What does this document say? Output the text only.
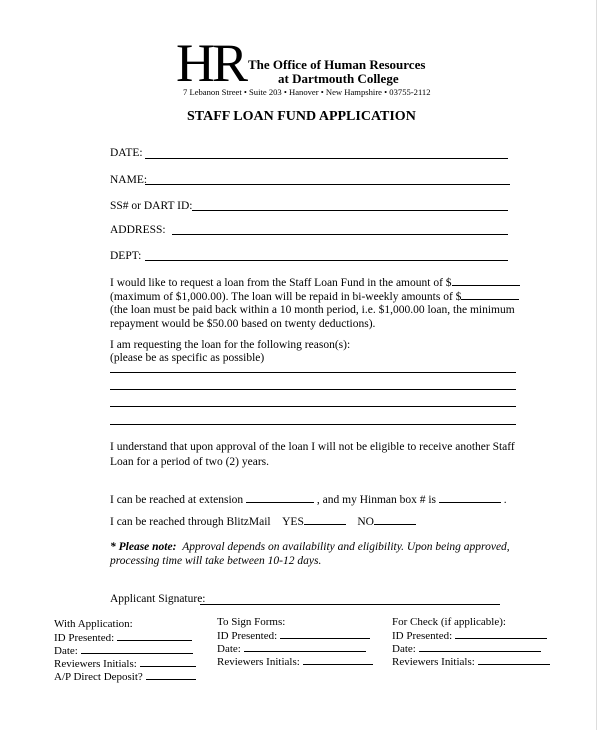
HR The Office of Human Resources
at Dartmouth College
7 Lebanon Street • Suite 203 • Hanover • New Hampshire • 03755-2112
STAFF LOAN FUND APPLICATION
DATE:
NAME:
SS# or DART ID:
ADDRESS:
DEPT:
I would like to request a loan from the Staff Loan Fund in the amount of $
(maximum of $1,000.00). The loan will be repaid in bi-weekly amounts of $
(the loan must be paid back within a 10 month period, i.e. $1,000.00 loan, the minimum
repayment would be $50.00 based on twenty deductions).
I am requesting the loan for the following reason(s):
(please be as specific as possible)
I understand that upon approval of the loan I will not be eligible to receive another Staff
Loan for a period of two (2) years.
I can be reached at extension	, and my Hinman box # is	.
I can be reached through BlitzMail YES	NO
* Please note: Approval depends on availability and eligibility. Upon being approved,
processing time will take between 10-12 days.
Applicant Signature:
With Application:
ID Presented:
Date:
Reviewers Initials:
A/P Direct Deposit?
To Sign Forms:
ID Presented:
Date:
Reviewers Initials:
For Check (if applicable):
ID Presented:
Date:
Reviewers Initials:
